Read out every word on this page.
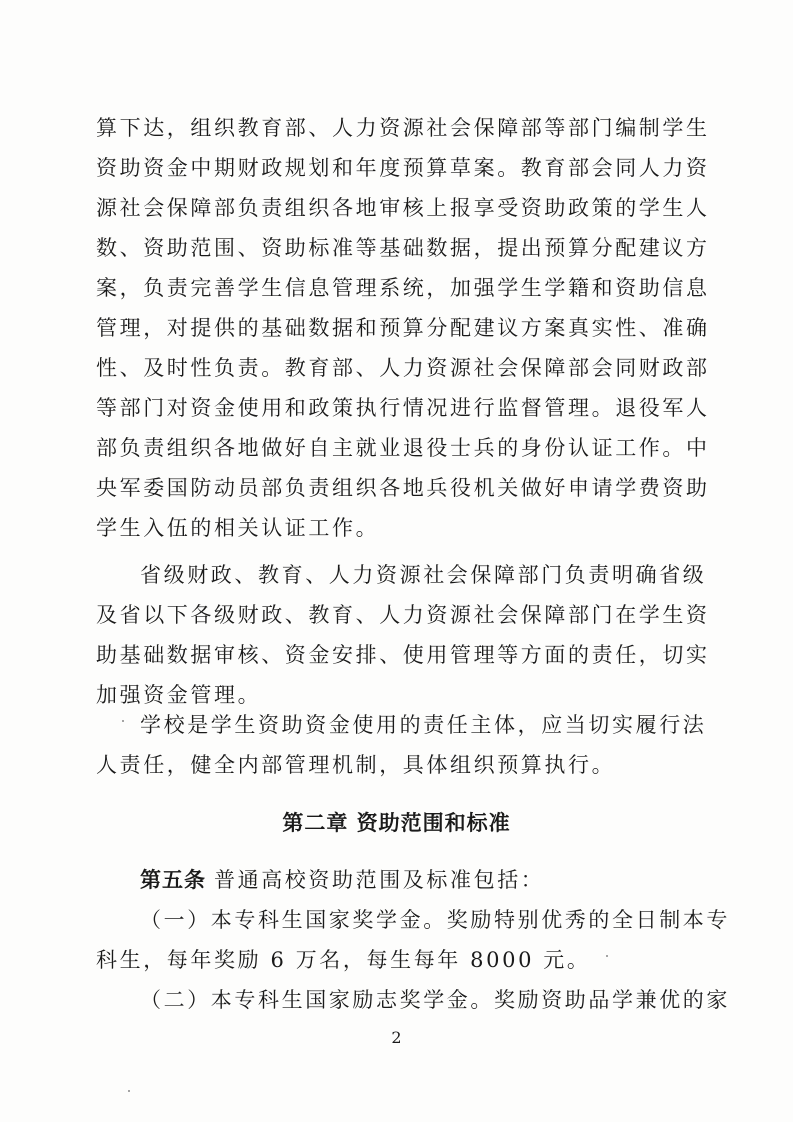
算下达，组织教育部、人力资源社会保障部等部门编制学生
资助资金中期财政规划和年度预算草案。教育部会同人力资
源社会保障部负责组织各地审核上报享受资助政策的学生人
数、资助范围、资助标准等基础数据，提出预算分配建议方
案，负责完善学生信息管理系统，加强学生学籍和资助信息
管理，对提供的基础数据和预算分配建议方案真实性、准确
性、及时性负责。教育部、人力资源社会保障部会同财政部
等部门对资金使用和政策执行情况进行监督管理。退役军人
部负责组织各地做好自主就业退役士兵的身份认证工作。中
央军委国防动员部负责组织各地兵役机关做好申请学费资助
学生入伍的相关认证工作。
省级财政、教育、人力资源社会保障部门负责明确省级
及省以下各级财政、教育、人力资源社会保障部门在学生资
助基础数据审核、资金安排、使用管理等方面的责任，切实
加强资金管理。
学校是学生资助资金使用的责任主体，应当切实履行法
人责任，健全内部管理机制，具体组织预算执行。
第二章 资助范围和标准
第五条 普通高校资助范围及标准包括：
（一）本专科生国家奖学金。奖励特别优秀的全日制本专
科生，每年奖励 6 万名，每生每年 8000 元。
（二）本专科生国家励志奖学金。奖励资助品学兼优的家
2
